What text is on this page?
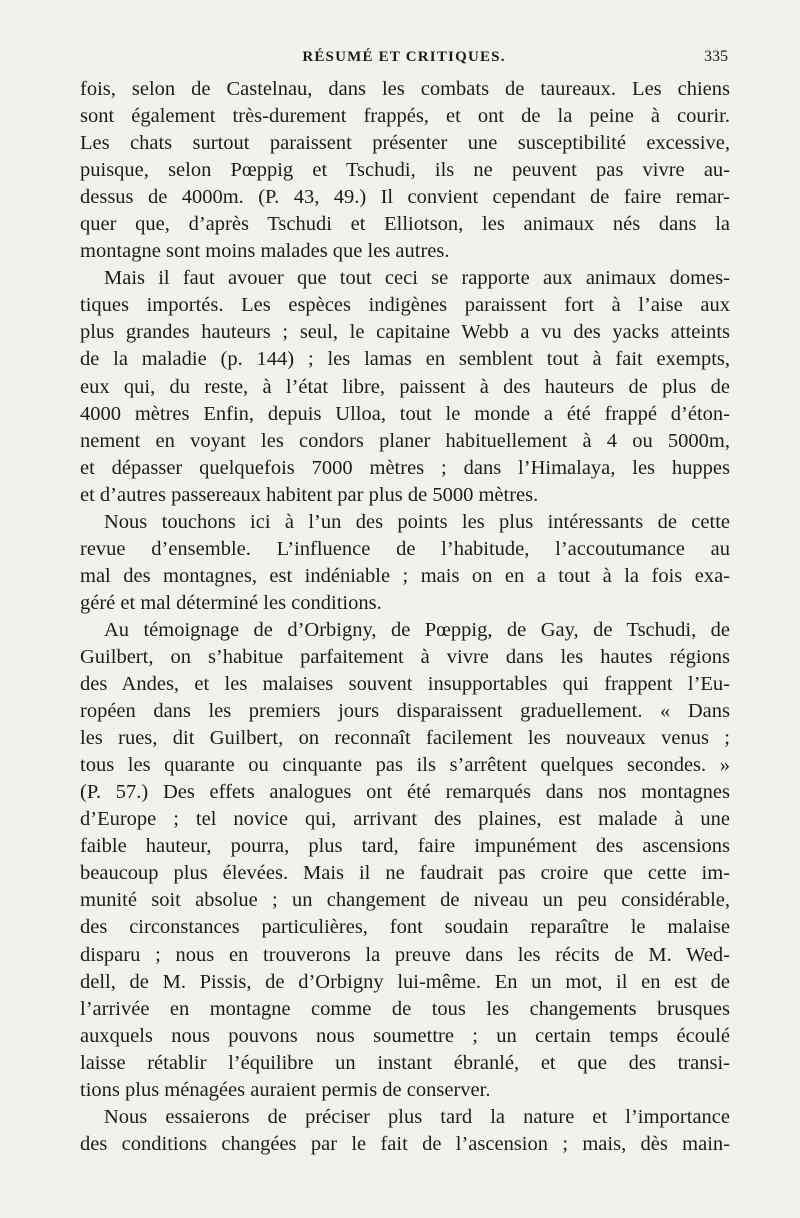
RÉSUMÉ ET CRITIQUES.	335
fois, selon de Castelnau, dans les combats de taureaux. Les chiens
sont également très-durement frappés, et ont de la peine à courir.
Les chats surtout paraissent présenter une susceptibilité excessive,
puisque, selon Pœppig et Tschudi, ils ne peuvent pas vivre au-
dessus de 4000m. (P. 43, 49.) Il convient cependant de faire remar-
quer que, d’après Tschudi et Elliotson, les animaux nés dans la
montagne sont moins malades que les autres.
Mais il faut avouer que tout ceci se rapporte aux animaux domes-
tiques importés. Les espèces indigènes paraissent fort à l’aise aux
plus grandes hauteurs ; seul, le capitaine Webb a vu des yacks atteints
de la maladie (p. 144) ; les lamas en semblent tout à fait exempts,
eux qui, du reste, à l’état libre, paissent à des hauteurs de plus de
4000 mètres Enfin, depuis Ulloa, tout le monde a été frappé d’éton-
nement en voyant les condors planer habituellement à 4 ou 5000m,
et dépasser quelquefois 7000 mètres ; dans l’Himalaya, les huppes
et d’autres passereaux habitent par plus de 5000 mètres.
Nous touchons ici à l’un des points les plus intéressants de cette
revue d’ensemble. L’influence de l’habitude, l’accoutumance au
mal des montagnes, est indéniable ; mais on en a tout à la fois exa-
géré et mal déterminé les conditions.
Au témoignage de d’Orbigny, de Pœppig, de Gay, de Tschudi, de
Guilbert, on s’habitue parfaitement à vivre dans les hautes régions
des Andes, et les malaises souvent insupportables qui frappent l’Eu-
ropéen dans les premiers jours disparaissent graduellement. « Dans
les rues, dit Guilbert, on reconnaît facilement les nouveaux venus ;
tous les quarante ou cinquante pas ils s’arrêtent quelques secondes. »
(P. 57.) Des effets analogues ont été remarqués dans nos montagnes
d’Europe ; tel novice qui, arrivant des plaines, est malade à une
faible hauteur, pourra, plus tard, faire impunément des ascensions
beaucoup plus élevées. Mais il ne faudrait pas croire que cette im-
munité soit absolue ; un changement de niveau un peu considérable,
des circonstances particulières, font soudain reparaître le malaise
disparu ; nous en trouverons la preuve dans les récits de M. Wed-
dell, de M. Pissis, de d’Orbigny lui-même. En un mot, il en est de
l’arrivée en montagne comme de tous les changements brusques
auxquels nous pouvons nous soumettre ; un certain temps écoulé
laisse rétablir l’équilibre un instant ébranlé, et que des transi-
tions plus ménagées auraient permis de conserver.
Nous essaierons de préciser plus tard la nature et l’importance
des conditions changées par le fait de l’ascension ; mais, dès main-
